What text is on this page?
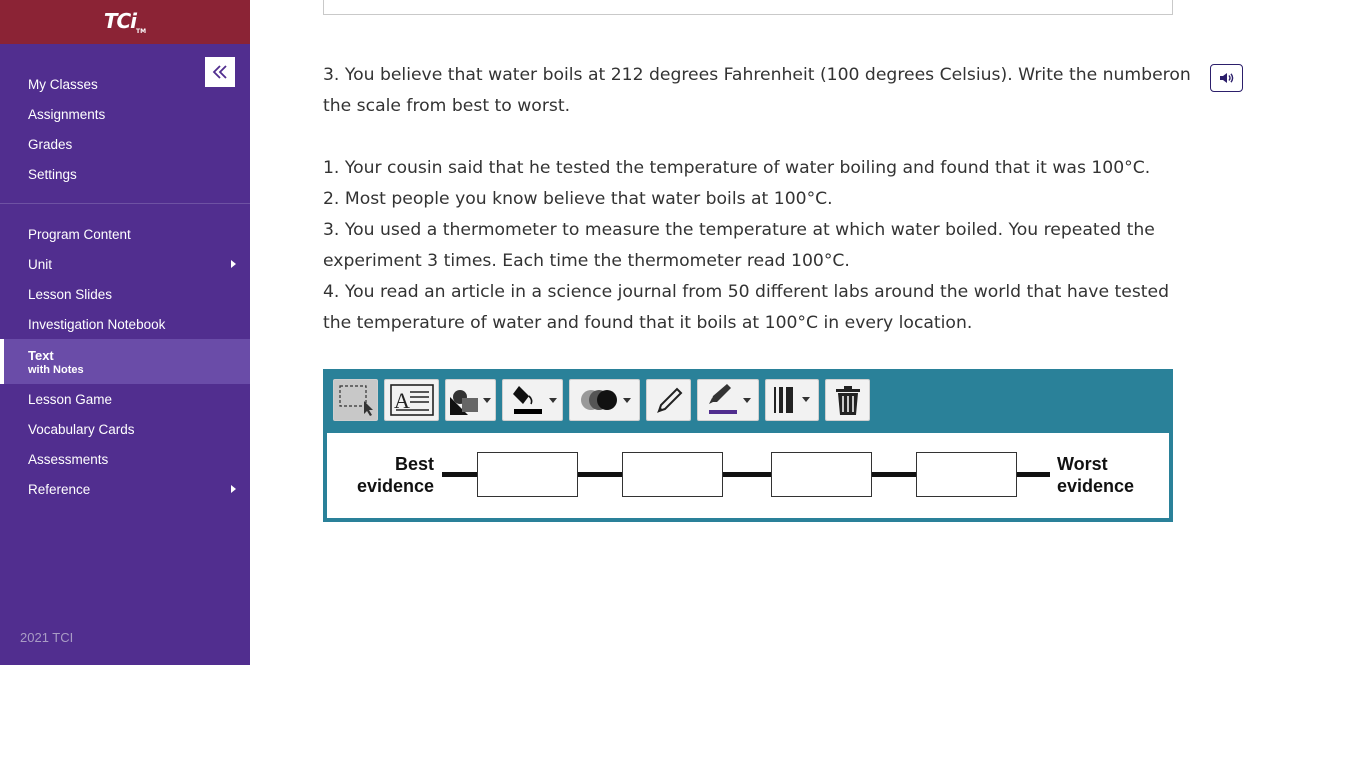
TCi$_{TM}$
My Classes
Assignments
Grades
Settings
Program Content
Unit
Lesson Slides
Investigation Notebook
Text
with Notes
Lesson Game
Vocabulary Cards
Assessments
Reference
2021 TCI
3. You believe that water boils at 212 degrees Fahrenheit (100 degrees Celsius). Write the numberon the scale from best to worst.

1. Your cousin said that he tested the temperature of water boiling and found that it was 100°C.

2. Most people you know believe that water boils at 100°C.

3. You used a thermometer to measure the temperature at which water boiled. You repeated the experiment 3 times. Each time the thermometer read 100°C.

4. You read an article in a science journal from 50 different labs around the world that have tested the temperature of water and found that it boils at 100°C in every location.

A
Best
evidence
Worst
evidence
